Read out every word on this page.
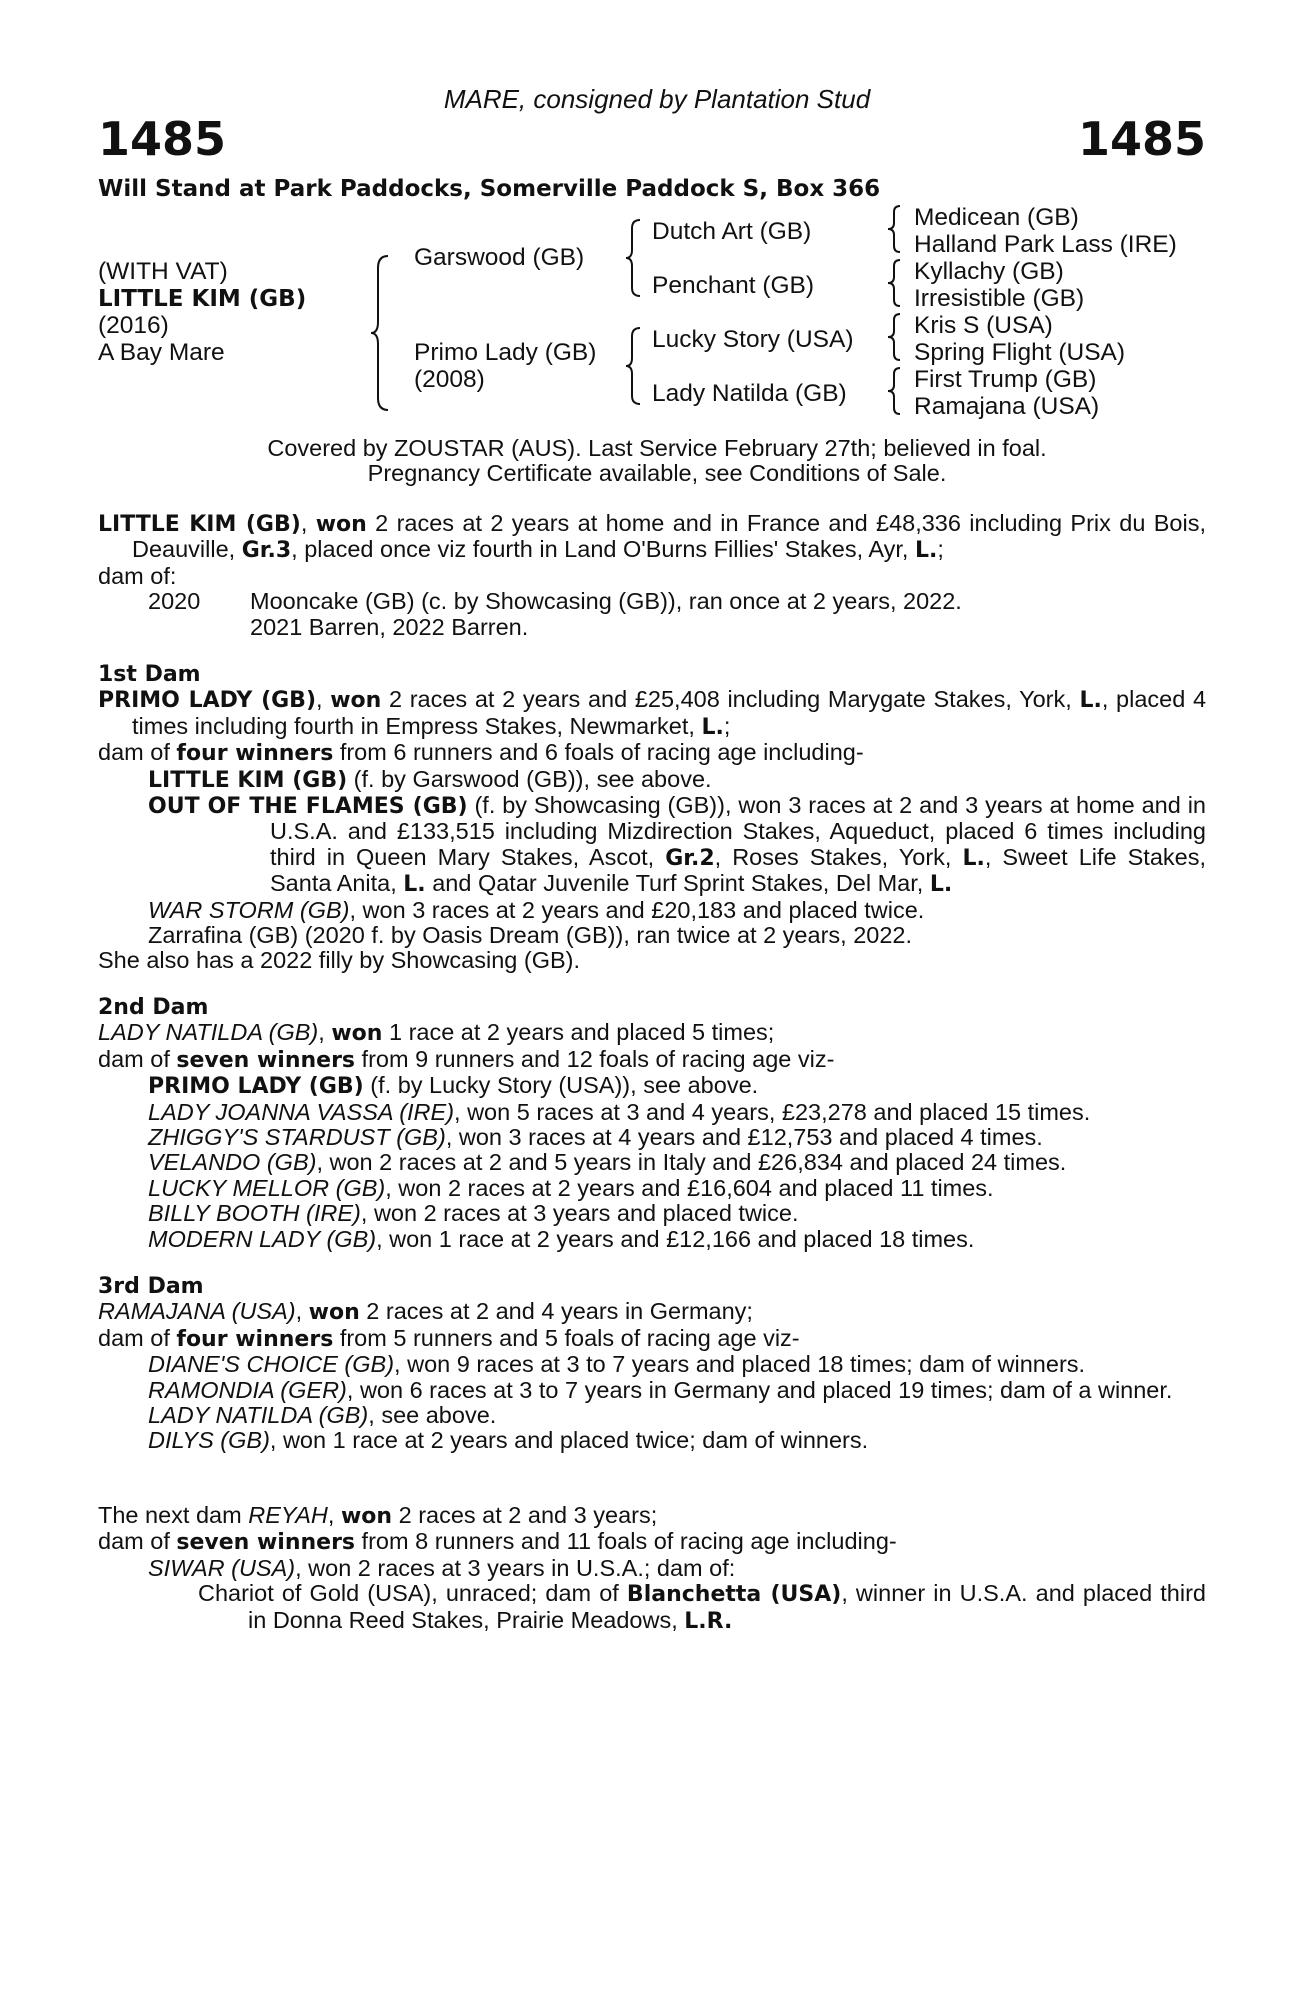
MARE, consigned by Plantation Stud
1485	1485
Will Stand at Park Paddocks, Somerville Paddock S, Box 366
(WITH VAT)
LITTLE KIM (GB)
(2016)
A Bay Mare
Garswood (GB)
Primo Lady (GB)
(2008)
Dutch Art (GB)
Penchant (GB)
Lucky Story (USA)
Lady Natilda (GB)
Medicean (GB)
Halland Park Lass (IRE)
Kyllachy (GB)
Irresistible (GB)
Kris S (USA)
Spring Flight (USA)
First Trump (GB)
Ramajana (USA)
Covered by ZOUSTAR (AUS). Last Service February 27th; believed in foal.
Pregnancy Certificate available, see Conditions of Sale.

LITTLE KIM (GB), won 2 races at 2 years at home and in France and £48,336 including Prix du Bois, Deauville, Gr.3, placed once viz fourth in Land O'Burns Fillies' Stakes, Ayr, L.;

dam of:

2020 Mooncake (GB) (c. by Showcasing (GB)), ran once at 2 years, 2022.

2021 Barren, 2022 Barren.

1st Dam

PRIMO LADY (GB), won 2 races at 2 years and £25,408 including Marygate Stakes, York, L., placed 4 times including fourth in Empress Stakes, Newmarket, L.;

dam of four winners from 6 runners and 6 foals of racing age including-

LITTLE KIM (GB) (f. by Garswood (GB)), see above.

OUT OF THE FLAMES (GB) (f. by Showcasing (GB)), won 3 races at 2 and 3 years at home and in U.S.A. and £133,515 including Mizdirection Stakes, Aqueduct, placed 6 times including third in Queen Mary Stakes, Ascot, Gr.2, Roses Stakes, York, L., Sweet Life Stakes, Santa Anita, L. and Qatar Juvenile Turf Sprint Stakes, Del Mar, L.

WAR STORM (GB), won 3 races at 2 years and £20,183 and placed twice.

Zarrafina (GB) (2020 f. by Oasis Dream (GB)), ran twice at 2 years, 2022.

She also has a 2022 filly by Showcasing (GB).

2nd Dam

LADY NATILDA (GB), won 1 race at 2 years and placed 5 times;

dam of seven winners from 9 runners and 12 foals of racing age viz-

PRIMO LADY (GB) (f. by Lucky Story (USA)), see above.

LADY JOANNA VASSA (IRE), won 5 races at 3 and 4 years, £23,278 and placed 15 times.

ZHIGGY'S STARDUST (GB), won 3 races at 4 years and £12,753 and placed 4 times.

VELANDO (GB), won 2 races at 2 and 5 years in Italy and £26,834 and placed 24 times.

LUCKY MELLOR (GB), won 2 races at 2 years and £16,604 and placed 11 times.

BILLY BOOTH (IRE), won 2 races at 3 years and placed twice.

MODERN LADY (GB), won 1 race at 2 years and £12,166 and placed 18 times.

3rd Dam

RAMAJANA (USA), won 2 races at 2 and 4 years in Germany;

dam of four winners from 5 runners and 5 foals of racing age viz-

DIANE'S CHOICE (GB), won 9 races at 3 to 7 years and placed 18 times; dam of winners.

RAMONDIA (GER), won 6 races at 3 to 7 years in Germany and placed 19 times; dam of a winner.

LADY NATILDA (GB), see above.

DILYS (GB), won 1 race at 2 years and placed twice; dam of winners.

The next dam REYAH, won 2 races at 2 and 3 years;

dam of seven winners from 8 runners and 11 foals of racing age including-

SIWAR (USA), won 2 races at 3 years in U.S.A.; dam of:

Chariot of Gold (USA), unraced; dam of Blanchetta (USA), winner in U.S.A. and placed third in Donna Reed Stakes, Prairie Meadows, L.R.
